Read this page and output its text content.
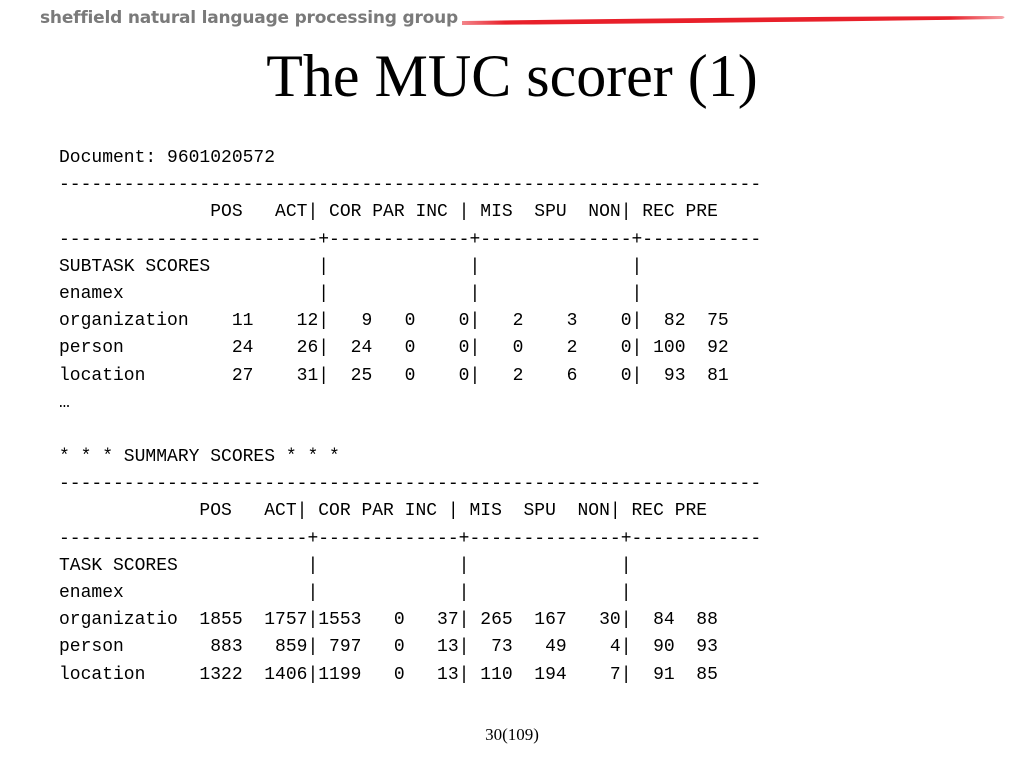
sheffield natural language processing group
The MUC scorer (1)
Document: 9601020572
-----------------------------------------------------------------
POS   ACT| COR PAR INC | MIS  SPU  NON| REC PRE
------------------------+-------------+--------------+-----------
SUBTASK SCORES          |             |              |
enamex                  |             |              |
organization    11    12|   9   0    0|   2    3    0|  82  75
person          24    26|  24   0    0|   0    2    0| 100  92
location        27    31|  25   0    0|   2    6    0|  93  81
…
* * * SUMMARY SCORES * * *
-----------------------------------------------------------------
POS   ACT| COR PAR INC | MIS  SPU  NON| REC PRE
-----------------------+-------------+--------------+------------
TASK SCORES            |             |              |
enamex                 |             |              |
organizatio  1855  1757|1553   0   37| 265  167   30|  84  88
person        883   859| 797   0   13|  73   49    4|  90  93
location     1322  1406|1199   0   13| 110  194    7|  91  85
30(109)
